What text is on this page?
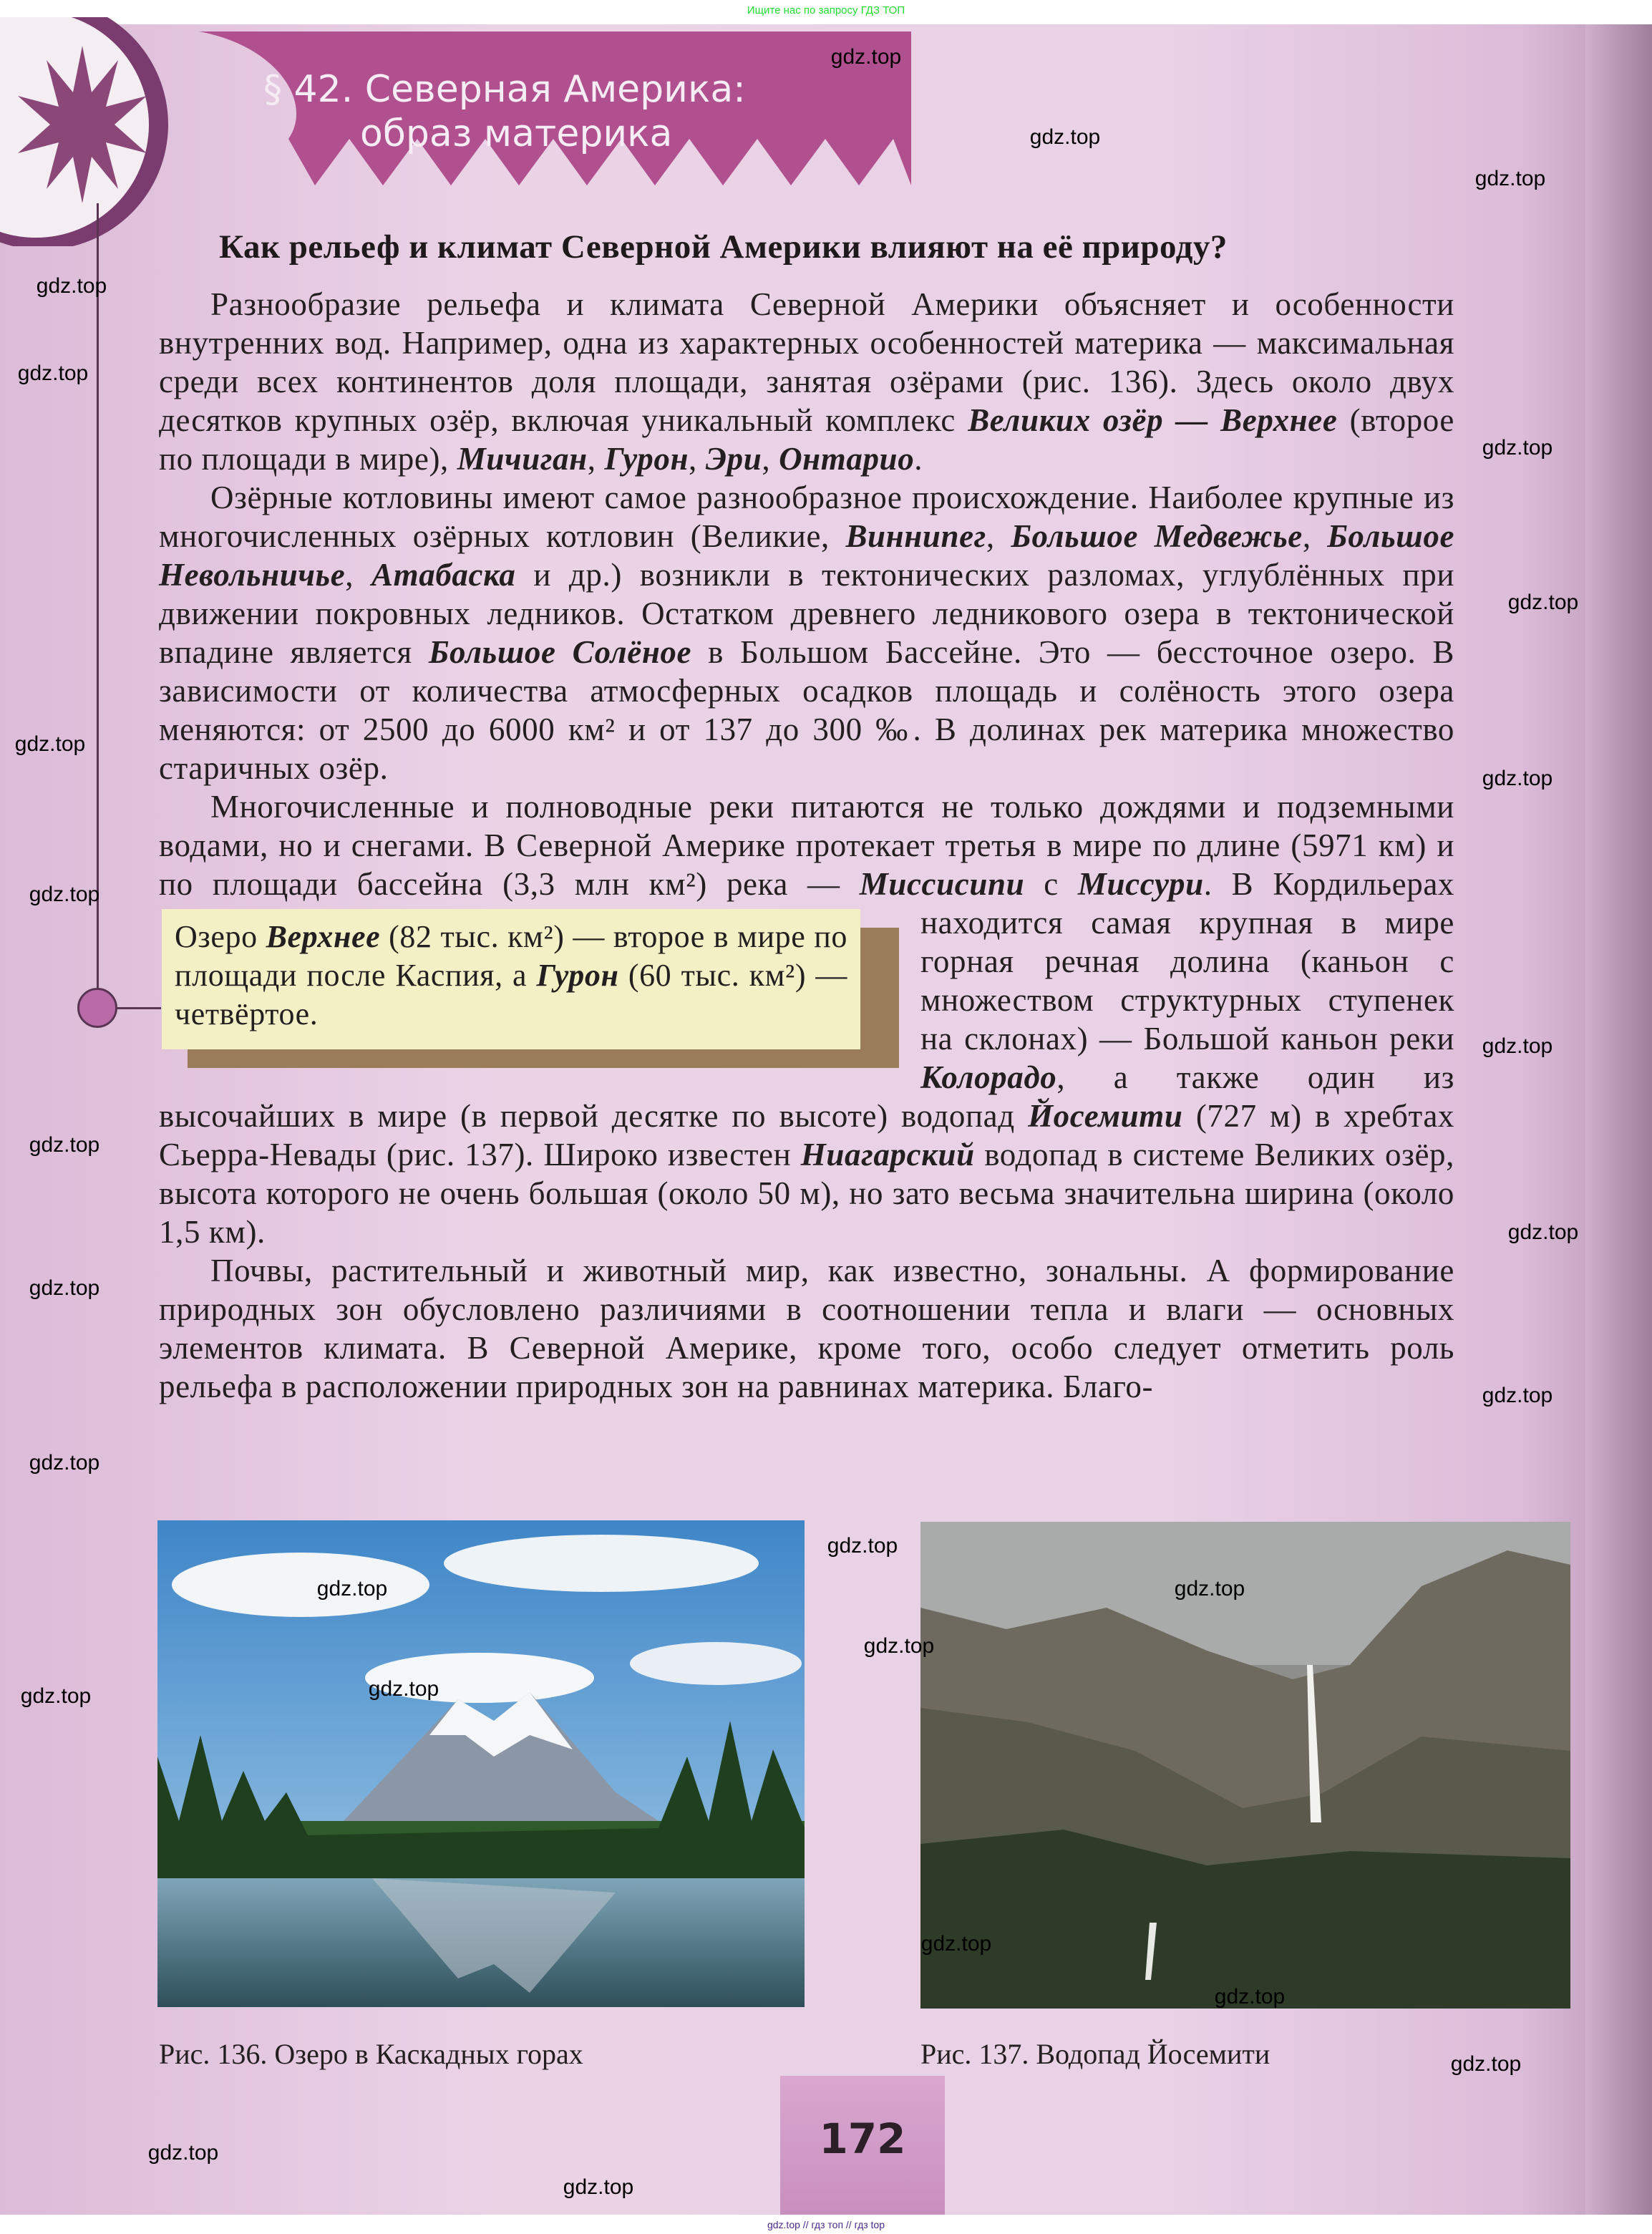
Ищите нас по запросу ГДЗ ТОП
§ 42. Северная Америка:
образ материка
Как рельеф и климат Северной Америки влияют на её природу?

Разнообразие рельефа и климата Северной Америки объясняет и особенности внутренних вод. Например, одна из характерных особенностей материка — максимальная среди всех континентов доля площади, занятая озёрами (рис. 136). Здесь около двух десятков крупных озёр, включая уникальный комплекс Великих озёр — Верхнее (второе по площади в мире), Мичиган, Гурон, Эри, Онтарио.

Озёрные котловины имеют самое разнообразное происхождение. Наиболее крупные из многочисленных озёрных котловин (Великие, Виннипег, Большое Медвежье, Большое Невольничье, Атабаска и др.) возникли в тектонических разломах, углублённых при движении покровных ледников. Остатком древнего ледникового озера в тектонической впадине является Большое Солёное в Большом Бассейне. Это — бессточное озеро. В зависимости от количества атмосферных осадков площадь и солёность этого озера меняются: от 2500 до 6000 км² и от 137 до 300 ‰. В долинах рек материка множество старичных озёр.

Многочисленные и полноводные реки питаются не только дождями и подземными водами, но и снегами. В Северной Америке протекает третья в мире по длине (5971 км) и по площади бассейна (3,3 млн км²) река — Миссисипи с Миссури.
Озеро Верхнее (82 тыс. км²) — второе в мире по площади после Каспия, а Гурон (60 тыс. км²) — четвёртое.
В Кордильерах находится самая крупная в мире горная речная долина (каньон с множеством структурных ступенек на склонах) — Большой каньон реки Колорадо, а также один из высочайших в мире (в первой десятке по высоте) водопад Йосемити (727 м) в хребтах Сьерра-Невады (рис. 137). Широко известен Ниагарский водопад в системе Великих озёр, высота которого не очень большая (около 50 м), но зато весьма значительна ширина (около 1,5 км).

Почвы, растительный и животный мир, как известно, зональны. А формирование природных зон обусловлено различиями в соотношении тепла и влаги — основных элементов климата. В Северной Америке, кроме того, особо следует отметить роль рельефа в расположении природных зон на равнинах материка. Благо-

Рис. 136. Озеро в Каскадных горах	Рис. 137. Водопад Йосемити
172
gdz.top
gdz.top
gdz.top
gdz.top
gdz.top
gdz.top
gdz.top
gdz.top
gdz.top
gdz.top
gdz.top
gdz.top
gdz.top
gdz.top
gdz.top
gdz.top
gdz.top
gdz.top
gdz.top
gdz.top
gdz.top
gdz.top
gdz.top
gdz.top
gdz.top
gdz.top
gdz.top
gdz.top // гдз топ // гдз top
